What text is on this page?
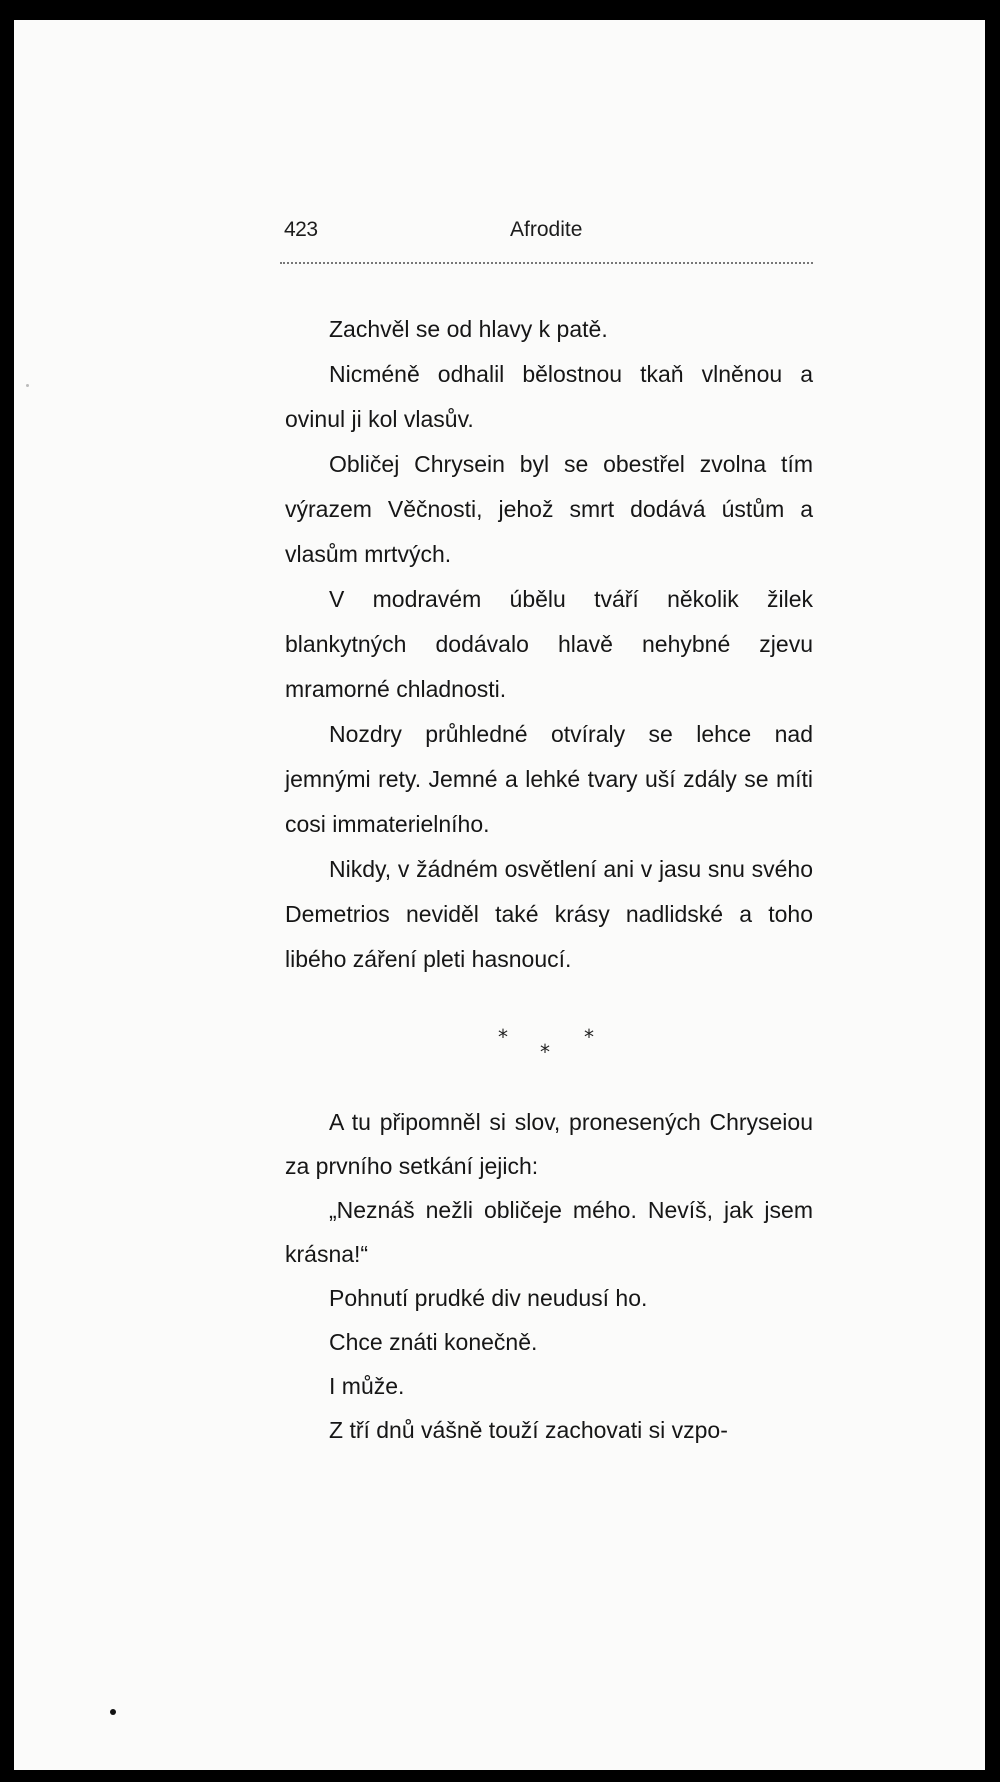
423	Afrodite

Zachvěl se od hlavy k patě.

Nicméně odhalil bělostnou tkaň vlněnou a ovinul ji kol vlasův.

Obličej Chrysein byl se obestřel zvolna tím výrazem Věčnosti, jehož smrt dodává ústům a vlasům mrtvých.

V modravém úbělu tváří několik žilek blankytných dodávalo hlavě nehybné zjevu mramorné chladnosti.

Nozdry průhledné otvíraly se lehce nad jemnými rety. Jemné a lehké tvary uší zdály se míti cosi immaterielního.

Nikdy, v žádném osvětlení ani v jasu snu svého Demetrios neviděl také krásy nadlidské a toho libého záření pleti hasnoucí.

*
*
*

A tu připomněl si slov, pronesených Chryseiou za prvního setkání jejich:

„Neznáš nežli obličeje mého. Nevíš, jak jsem krásna!“

Pohnutí prudké div neudusí ho.

Chce znáti konečně.

I může.

Z tří dnů vášně touží zachovati si vzpo-
